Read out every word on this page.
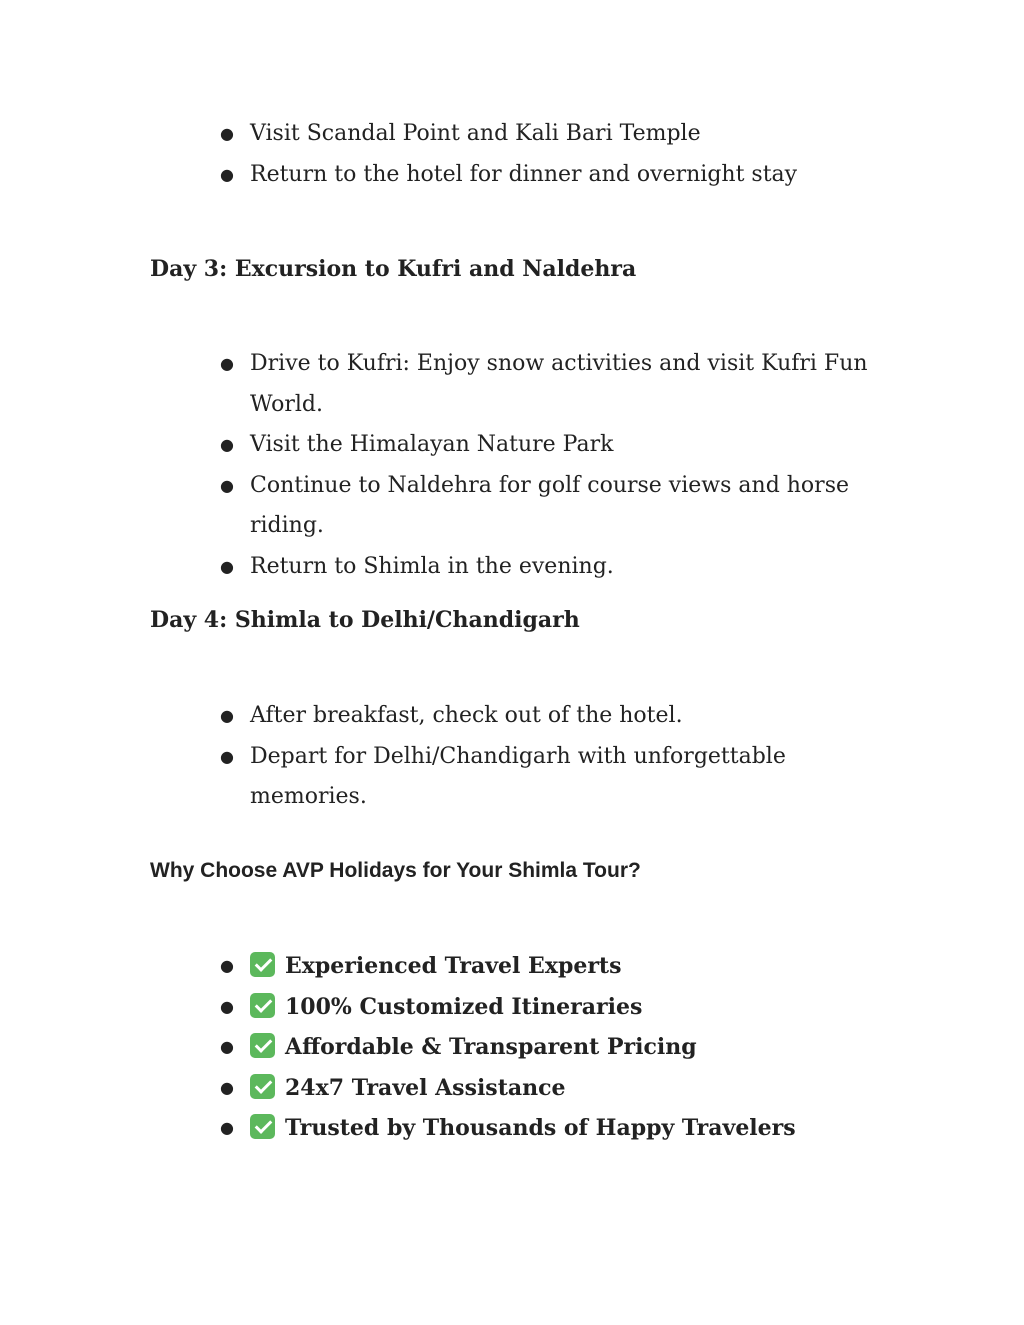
● Visit Scandal Point and Kali Bari Temple
● Return to the hotel for dinner and overnight stay
Day 3: Excursion to Kufri and Naldehra
● Drive to Kufri: Enjoy snow activities and visit Kufri Fun World.
● Visit the Himalayan Nature Park
● Continue to Naldehra for golf course views and horse riding.
● Return to Shimla in the evening.
Day 4: Shimla to Delhi/Chandigarh
● After breakfast, check out of the hotel.
● Depart for Delhi/Chandigarh with unforgettable memories.
Why Choose AVP Holidays for Your Shimla Tour?
● Experienced Travel Experts
● 100% Customized Itineraries
● Affordable & Transparent Pricing
● 24x7 Travel Assistance
● Trusted by Thousands of Happy Travelers
